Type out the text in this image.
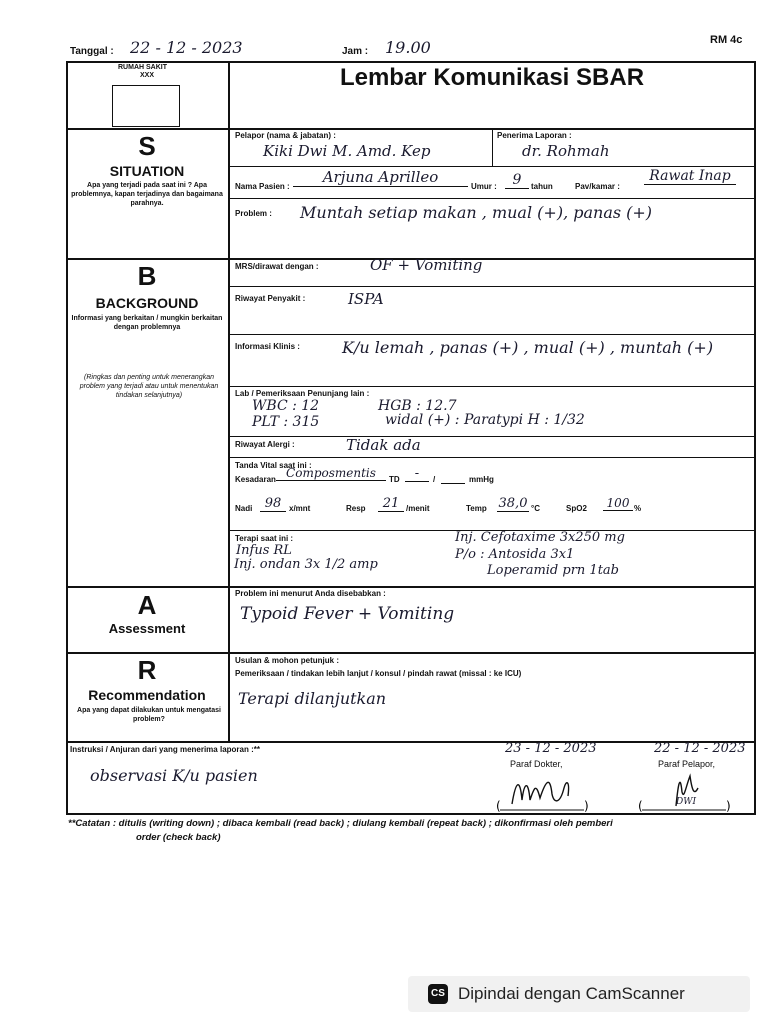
Tanggal : 22 - 12 - 2023	Jam : 19.00	RM 4c
RUMAH SAKIT
XXX	Lembar Komunikasi SBAR
S
SITUATION
Apa yang terjadi pada saat ini ? Apa problemnya, kapan terjadinya dan bagaimana parahnya.
Pelapor (nama & jabatan) :
Kiki Dwi M. Amd. Kep
Penerima Laporan :
dr. Rohmah
Nama Pasien :
Arjuna Aprilleo
Umur :	9	tahun	Pav/kamar :
Rawat Inap
Problem : Muntah setiap makan , mual (+), panas (+)
B
BACKGROUND
Informasi yang berkaitan / mungkin berkaitan dengan problemnya
(Ringkas dan penting untuk menerangkan problem yang terjadi atau untuk menentukan tindakan selanjutnya)
MRS/dirawat dengan :	OF + Vomiting
Riwayat Penyakit :	ISPA
Informasi Klinis :	K/u lemah , panas (+) , mual (+) , muntah (+)
Lab / Pemeriksaan Penunjang lain :
WBC : 12	HGB : 12.7
PLT : 315	widal (+) : Paratypi H : 1/32
Riwayat Alergi :	Tidak ada
Tanda Vital saat ini :
Kesadaran Composmentis	TD	-	/	mmHg
Nadi 98 x/mnt	Resp	21 /menit	Temp 38,0 °C	SpO2 100 %
Terapi saat ini :
Infus RL
Inj. ondan 3x 1/2 amp
Inj. Cefotaxime 3x250 mg
P/o : Antosida 3x1
Loperamid prn 1tab
A
Assessment
Problem ini menurut Anda disebabkan :
Typoid Fever + Vomiting
R
Recommendation
Apa yang dapat dilakukan untuk mengatasi problem?
Usulan & mohon petunjuk :
Pemeriksaan / tindakan lebih lanjut / konsul / pindah rawat (missal : ke ICU)
Terapi dilanjutkan
Instruksi / Anjuran dari yang menerima laporan :**
observasi K/u pasien
23 - 12 - 2023
Paraf Dokter,
(	)
22 - 12 - 2023
Paraf Pelapor,
(	)
DWI
**Catatan : ditulis (writing down) ; dibaca kembali (read back) ; diulang kembali (repeat back) ; dikonfirmasi oleh pemberi
order (check back)
CS Dipindai dengan CamScanner
